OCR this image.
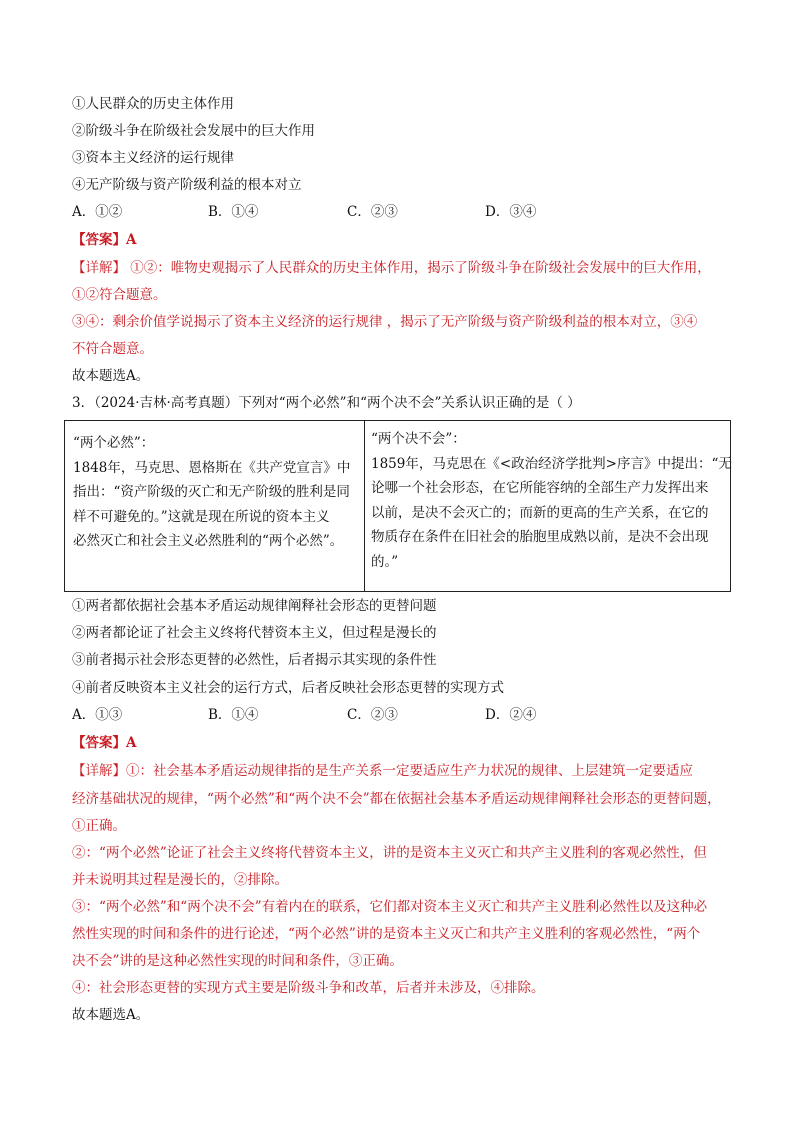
①人民群众的历史主体作用
②阶级斗争在阶级社会发展中的巨大作用
③资本主义经济的运行规律
④无产阶级与资产阶级利益的根本对立
A．①②	B．①④	C．②③	D．③④
【答案】A
【详解】 ①②：唯物史观揭示了人民群众的历史主体作用，揭示了阶级斗争在阶级社会发展中的巨大作用，
①②符合题意。
③④：剩余价值学说揭示了资本主义经济的运行规律 ，揭示了无产阶级与资产阶级利益的根本对立，③④
不符合题意。
故本题选A。
3．（2024·吉林·高考真题）下列对“两个必然”和“两个决不会”关系认识正确的是（ ）

“两个必然”：

1848年，马克思、恩格斯在《共产党宣言》中

指出：“资产阶级的灭亡和无产阶级的胜利是同

样不可避免的。”这就是现在所说的资本主义

必然灭亡和社会主义必然胜利的“两个必然”。

“两个决不会”：

1859年，马克思在《<政治经济学批判>序言》中提出：“无

论哪一个社会形态，在它所能容纳的全部生产力发挥出来

以前，是决不会灭亡的；而新的更高的生产关系，在它的

物质存在条件在旧社会的胎胞里成熟以前，是决不会出现

的。”

①两者都依据社会基本矛盾运动规律阐释社会形态的更替问题
②两者都论证了社会主义终将代替资本主义，但过程是漫长的
③前者揭示社会形态更替的必然性，后者揭示其实现的条件性
④前者反映资本主义社会的运行方式，后者反映社会形态更替的实现方式
A．①③	B．①④	C．②③	D．②④
【答案】A
【详解】①：社会基本矛盾运动规律指的是生产关系一定要适应生产力状况的规律、上层建筑一定要适应
经济基础状况的规律，“两个必然”和“两个决不会”都在依据社会基本矛盾运动规律阐释社会形态的更替问题，
①正确。
②：“两个必然”论证了社会主义终将代替资本主义，讲的是资本主义灭亡和共产主义胜利的客观必然性，但
并未说明其过程是漫长的，②排除。
③：“两个必然”和“两个决不会”有着内在的联系，它们都对资本主义灭亡和共产主义胜利必然性以及这种必
然性实现的时间和条件的进行论述，“两个必然”讲的是资本主义灭亡和共产主义胜利的客观必然性，“两个
决不会”讲的是这种必然性实现的时间和条件，③正确。
④：社会形态更替的实现方式主要是阶级斗争和改革，后者并未涉及，④排除。
故本题选A。
